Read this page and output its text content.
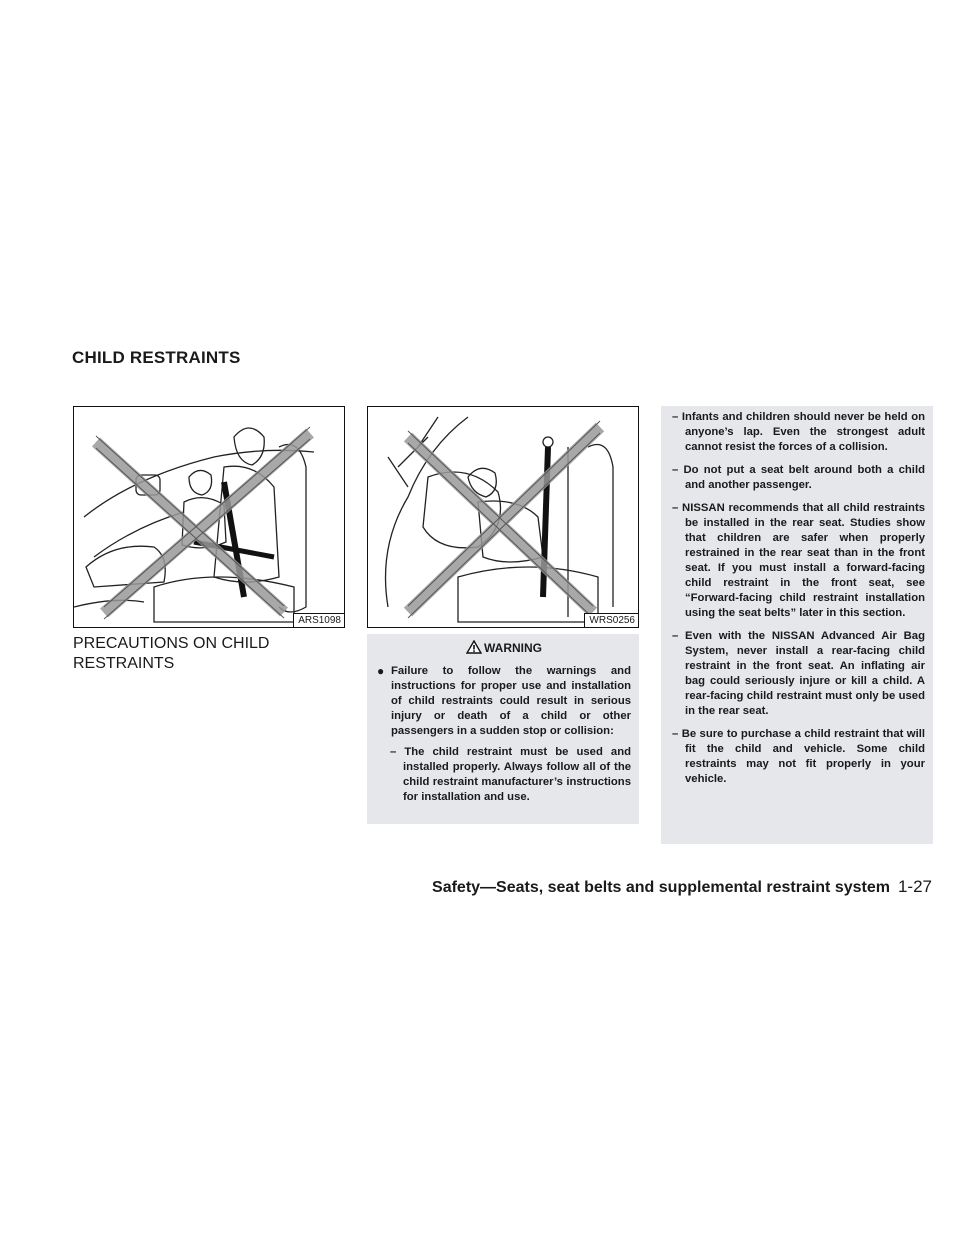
CHILD RESTRAINTS
ARS1098	WRS0256
PRECAUTIONS ON CHILD RESTRAINTS
WARNING
● Failure to follow the warnings and instructions for proper use and installation of child restraints could result in serious injury or death of a child or other passengers in a sudden stop or collision:

– The child restraint must be used and installed properly. Always follow all of the child restraint manufacturer’s instructions for installation and use.

– Infants and children should never be held on anyone’s lap. Even the strongest adult cannot resist the forces of a collision.

– Do not put a seat belt around both a child and another passenger.

– NISSAN recommends that all child restraints be installed in the rear seat. Studies show that children are safer when properly restrained in the rear seat than in the front seat. If you must install a forward-facing child restraint in the front seat, see “Forward-facing child restraint installation using the seat belts” later in this section.

– Even with the NISSAN Advanced Air Bag System, never install a rear-facing child restraint in the front seat. An inflating air bag could seriously injure or kill a child. A rear-facing child restraint must only be used in the rear seat.

– Be sure to purchase a child restraint that will fit the child and vehicle. Some child restraints may not fit properly in your vehicle.

Safety—Seats, seat belts and supplemental restraint system 1-27
